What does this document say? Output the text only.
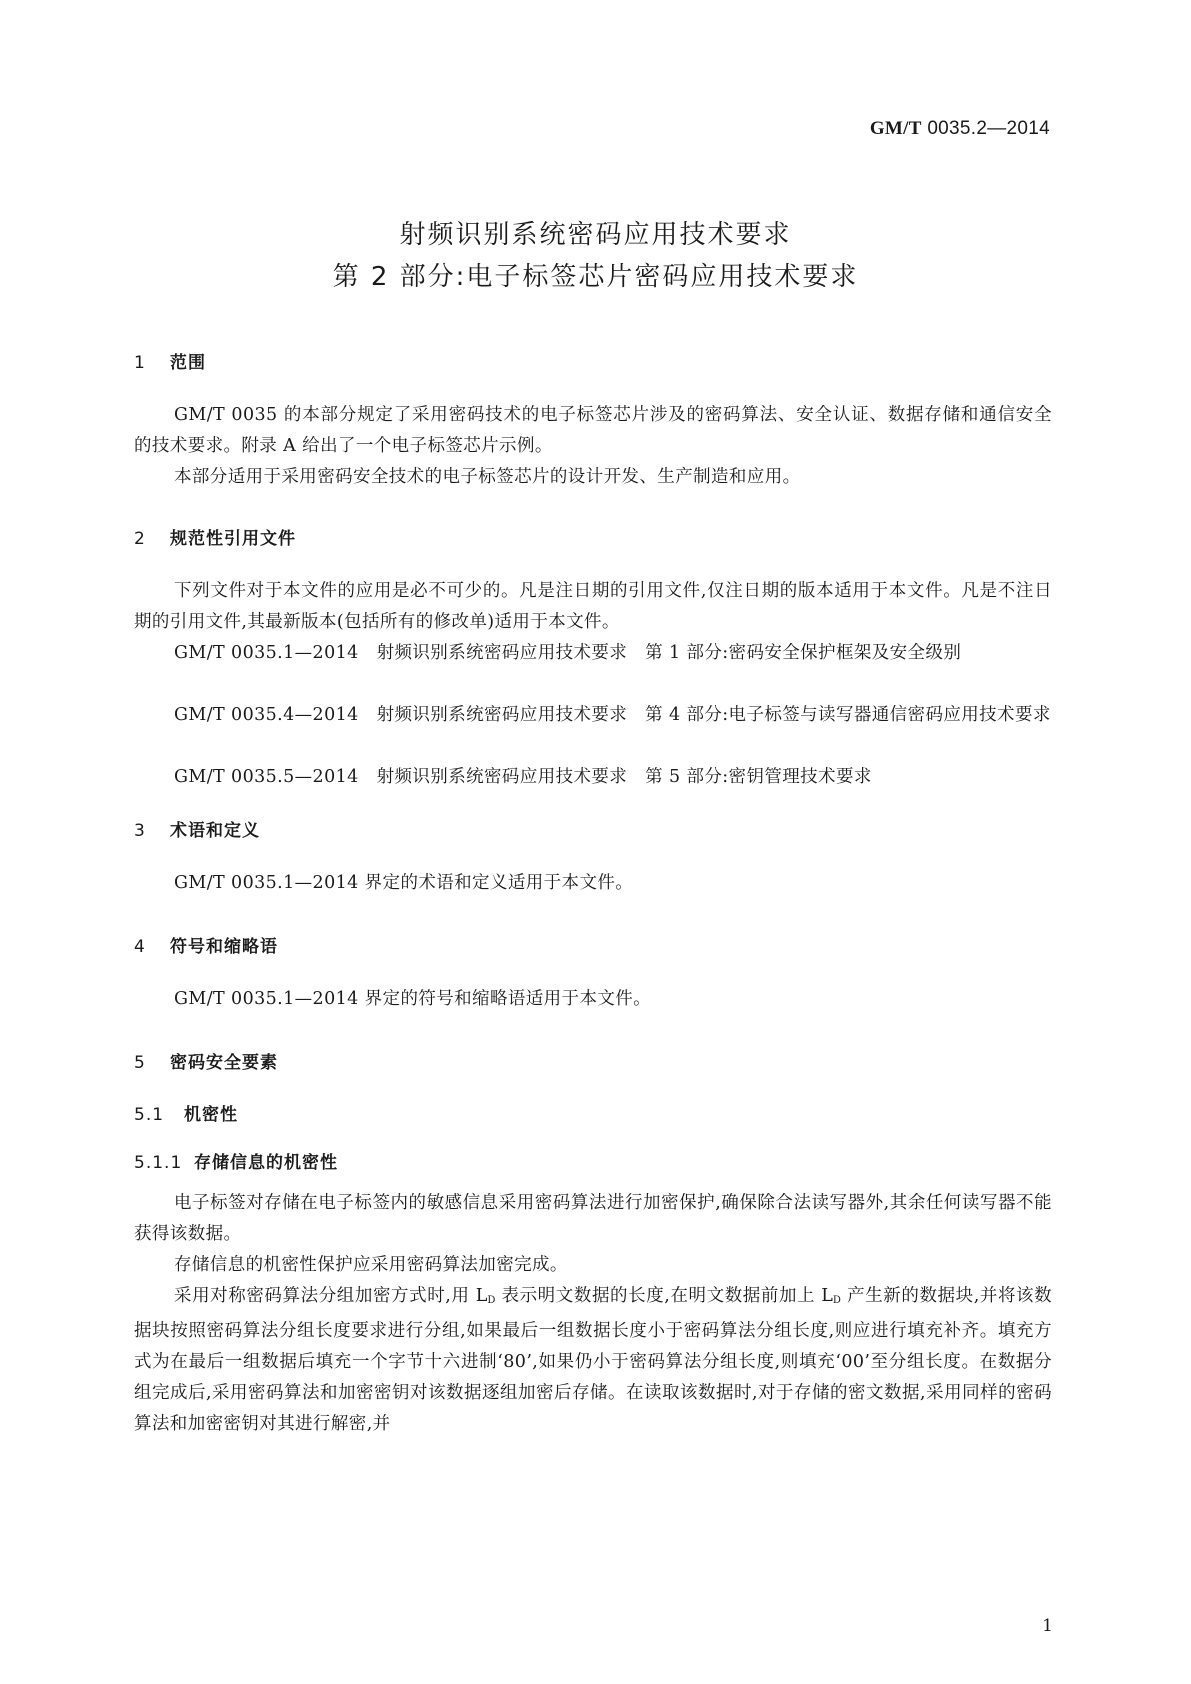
GM/T 0035.2—2014
射频识别系统密码应用技术要求
第 2 部分:电子标签芯片密码应用技术要求
1 范围

GM/T 0035 的本部分规定了采用密码技术的电子标签芯片涉及的密码算法、安全认证、数据存储和通信安全的技术要求。附录 A 给出了一个电子标签芯片示例。

本部分适用于采用密码安全技术的电子标签芯片的设计开发、生产制造和应用。

2 规范性引用文件

下列文件对于本文件的应用是必不可少的。凡是注日期的引用文件,仅注日期的版本适用于本文件。凡是不注日期的引用文件,其最新版本(包括所有的修改单)适用于本文件。

GM/T 0035.1—2014　射频识别系统密码应用技术要求　第 1 部分:密码安全保护框架及安全级别

GM/T 0035.4—2014　射频识别系统密码应用技术要求　第 4 部分:电子标签与读写器通信密码应用技术要求

GM/T 0035.5—2014　射频识别系统密码应用技术要求　第 5 部分:密钥管理技术要求

3 术语和定义

GM/T 0035.1—2014 界定的术语和定义适用于本文件。

4 符号和缩略语

GM/T 0035.1—2014 界定的符号和缩略语适用于本文件。

5 密码安全要素
5.1 机密性
5.1.1 存储信息的机密性

电子标签对存储在电子标签内的敏感信息采用密码算法进行加密保护,确保除合法读写器外,其余任何读写器不能获得该数据。

存储信息的机密性保护应采用密码算法加密完成。

采用对称密码算法分组加密方式时,用 $L_D$ 表示明文数据的长度,在明文数据前加上 $L_D$ 产生新的数据块,并将该数据块按照密码算法分组长度要求进行分组,如果最后一组数据长度小于密码算法分组长度,则应进行填充补齐。填充方式为在最后一组数据后填充一个字节十六进制‘80’,如果仍小于密码算法分组长度,则填充‘00’至分组长度。在数据分组完成后,采用密码算法和加密密钥对该数据逐组加密后存储。在读取该数据时,对于存储的密文数据,采用同样的密码算法和加密密钥对其进行解密,并

1
